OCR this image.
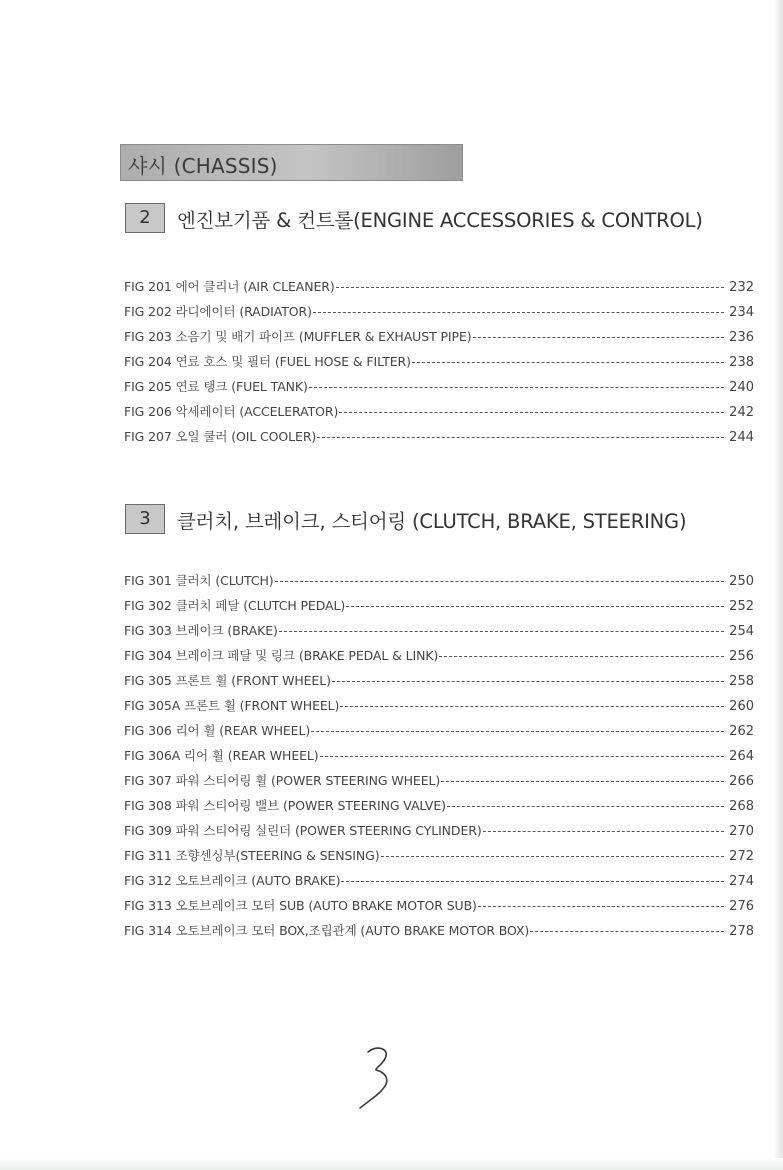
샤시 (CHASSIS)
2	엔진보기품 & 컨트롤(ENGINE ACCESSORIES & CONTROL)
FIG 201 에어 클리너 (AIR CLEANER)	232
FIG 202 라디에이터 (RADIATOR)	234
FIG 203 소음기 및 배기 파이프 (MUFFLER & EXHAUST PIPE)	236
FIG 204 연료 호스 및 필터 (FUEL HOSE & FILTER)	238
FIG 205 연료 탱크 (FUEL TANK)	240
FIG 206 악세레이터 (ACCELERATOR)	242
FIG 207 오일 쿨러 (OIL COOLER)	244
3	클러치, 브레이크, 스티어링 (CLUTCH, BRAKE, STEERING)
FIG 301 클러치 (CLUTCH)	250
FIG 302 클러치 페달 (CLUTCH PEDAL)	252
FIG 303 브레이크 (BRAKE)	254
FIG 304 브레이크 페달 및 링크 (BRAKE PEDAL & LINK)	256
FIG 305 프론트 휠 (FRONT WHEEL)	258
FIG 305A 프론트 휠 (FRONT WHEEL)	260
FIG 306 리어 휠 (REAR WHEEL)	262
FIG 306A 리어 휠 (REAR WHEEL)	264
FIG 307 파워 스티어링 휠 (POWER STEERING WHEEL)	266
FIG 308 파워 스티어링 밸브 (POWER STEERING VALVE)	268
FIG 309 파워 스티어링 실린더 (POWER STEERING CYLINDER)	270
FIG 311 조향센싱부(STEERING & SENSING)	272
FIG 312 오토브레이크 (AUTO BRAKE)	274
FIG 313 오토브레이크 모터 SUB (AUTO BRAKE MOTOR SUB)	276
FIG 314 오토브레이크 모터 BOX,조립관계 (AUTO BRAKE MOTOR BOX)	278
